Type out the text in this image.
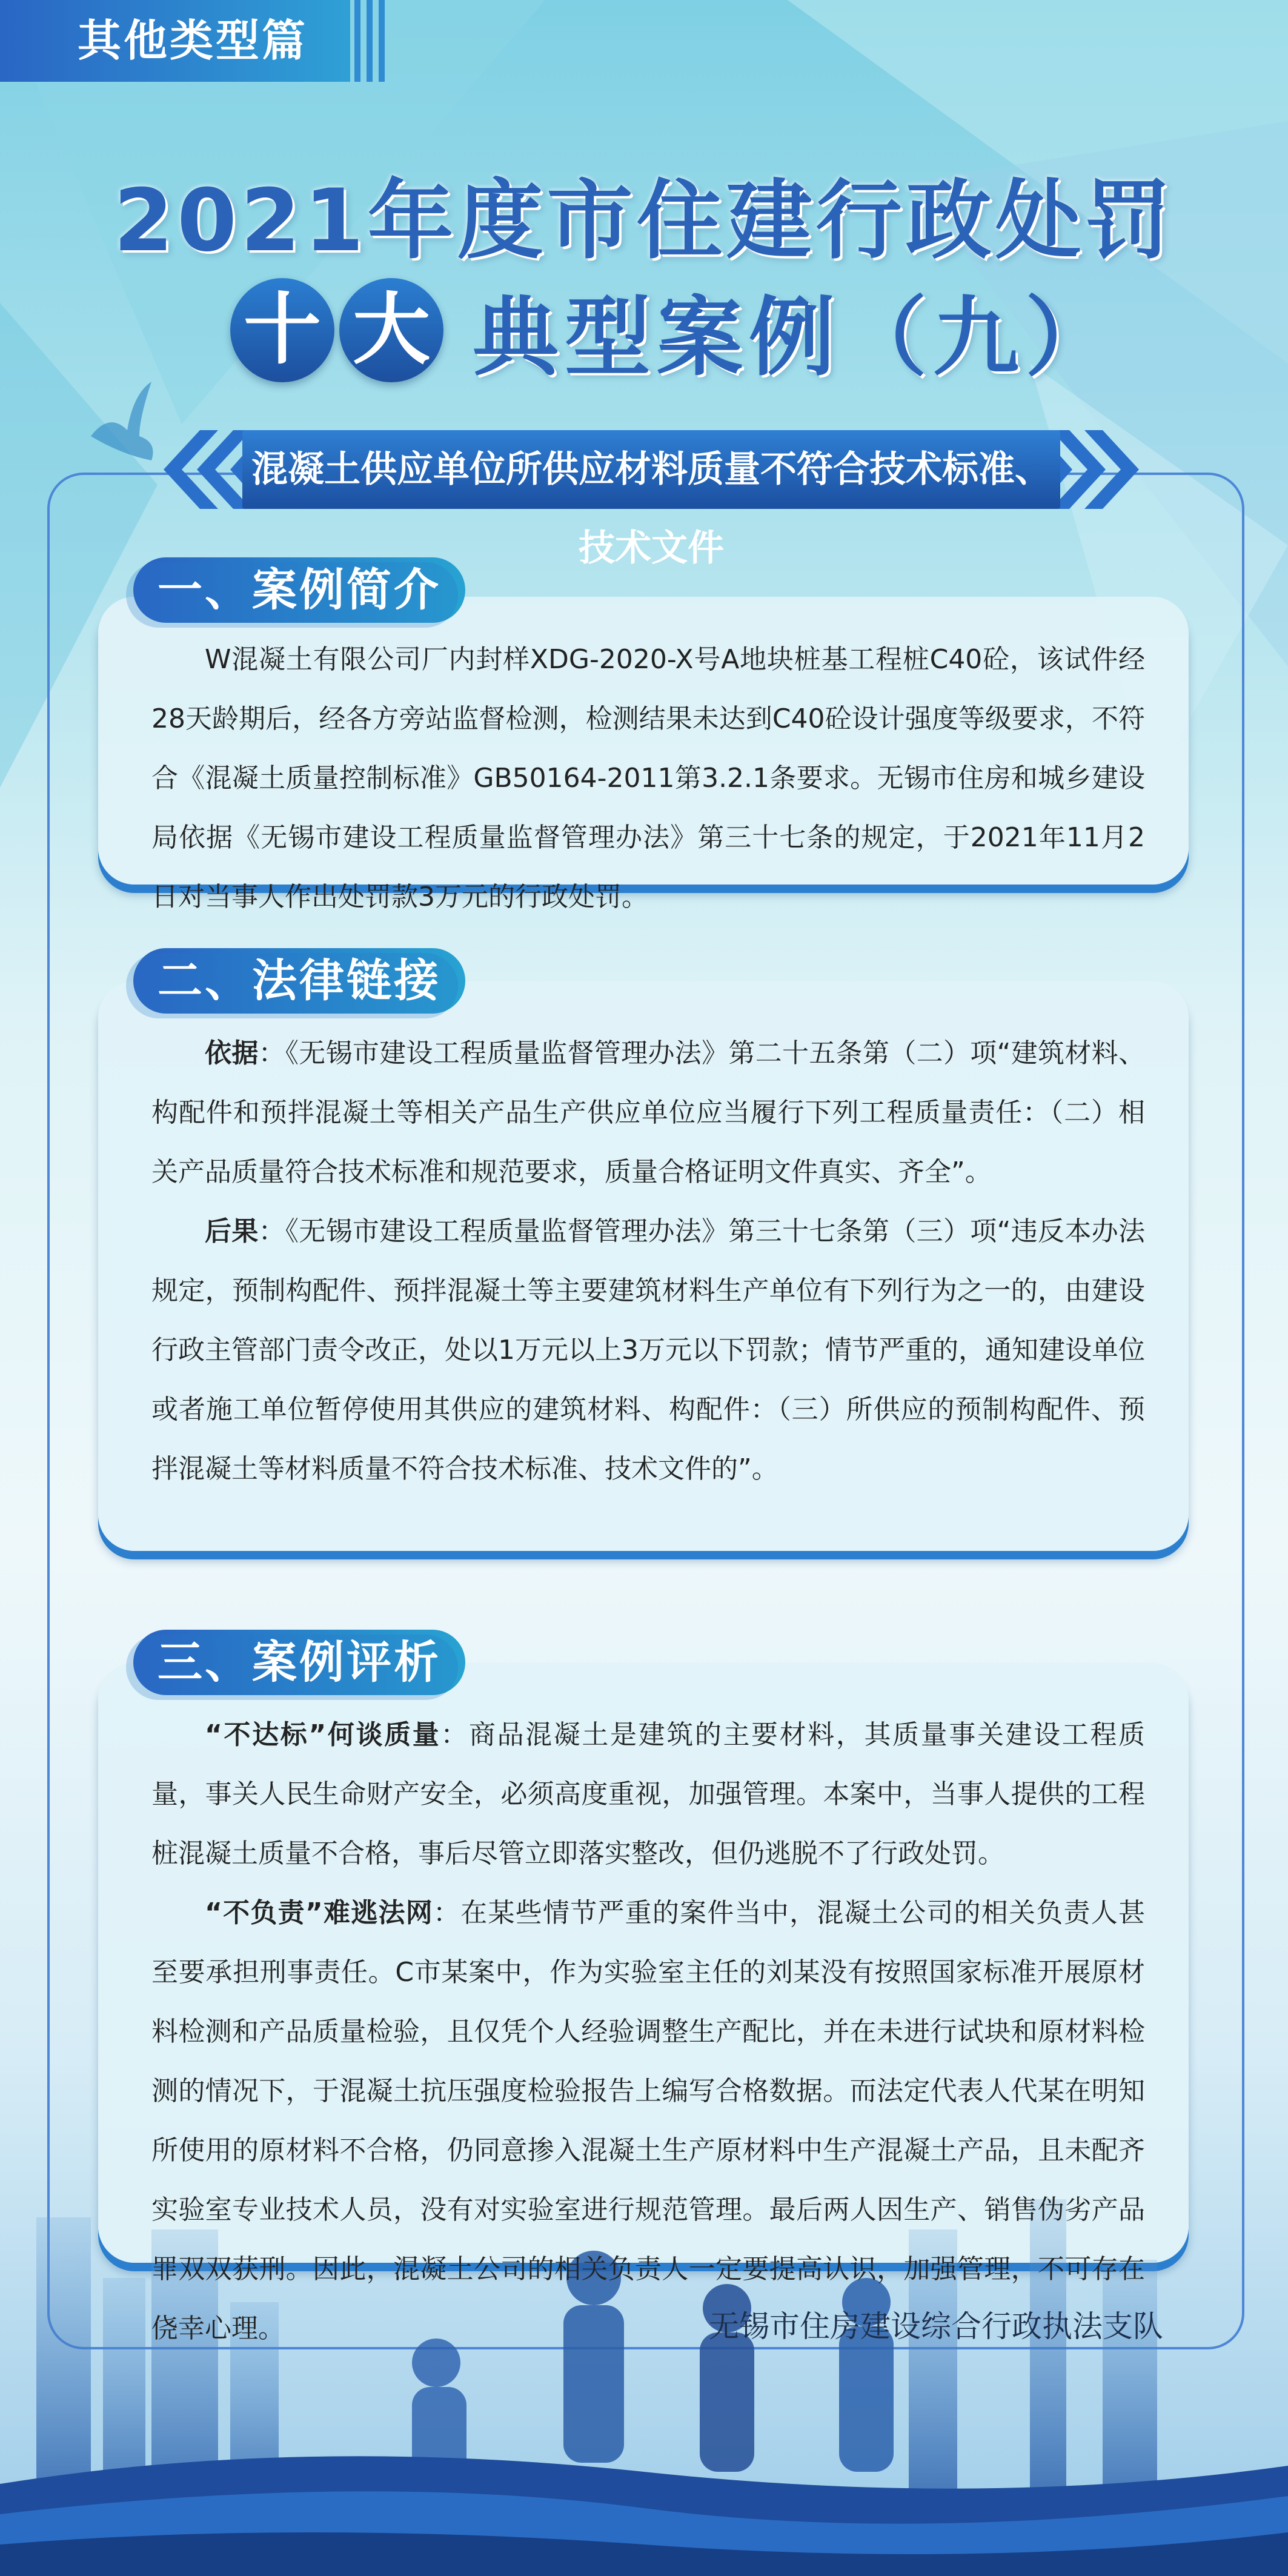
其他类型篇
2021年度市住建行政处罚
十 大 典型案例（九）
混凝土供应单位所供应材料质量不符合技术标准、技术文件
一、案例简介

W混凝土有限公司厂内封样XDG-2020-X号A地块桩基工程桩C40砼，该试件经28天龄期后，经各方旁站监督检测，检测结果未达到C40砼设计强度等级要求，不符合《混凝土质量控制标准》GB50164-2011第3.2.1条要求。无锡市住房和城乡建设局依据《无锡市建设工程质量监督管理办法》第三十七条的规定，于2021年11月2日对当事人作出处罚款3万元的行政处罚。

二、法律链接

依据：《无锡市建设工程质量监督管理办法》第二十五条第（二）项“建筑材料、构配件和预拌混凝土等相关产品生产供应单位应当履行下列工程质量责任：（二）相关产品质量符合技术标准和规范要求，质量合格证明文件真实、齐全”。

后果：《无锡市建设工程质量监督管理办法》第三十七条第（三）项“违反本办法规定，预制构配件、预拌混凝土等主要建筑材料生产单位有下列行为之一的，由建设行政主管部门责令改正，处以1万元以上3万元以下罚款；情节严重的，通知建设单位或者施工单位暂停使用其供应的建筑材料、构配件：（三）所供应的预制构配件、预拌混凝土等材料质量不符合技术标准、技术文件的”。

三、案例评析

“不达标”何谈质量：商品混凝土是建筑的主要材料，其质量事关建设工程质量，事关人民生命财产安全，必须高度重视，加强管理。本案中，当事人提供的工程桩混凝土质量不合格，事后尽管立即落实整改，但仍逃脱不了行政处罚。

“不负责”难逃法网：在某些情节严重的案件当中，混凝土公司的相关负责人甚至要承担刑事责任。C市某案中，作为实验室主任的刘某没有按照国家标准开展原材料检测和产品质量检验，且仅凭个人经验调整生产配比，并在未进行试块和原材料检测的情况下，于混凝土抗压强度检验报告上编写合格数据。而法定代表人代某在明知所使用的原材料不合格，仍同意掺入混凝土生产原材料中生产混凝土产品，且未配齐实验室专业技术人员，没有对实验室进行规范管理。最后两人因生产、销售伪劣产品罪双双获刑。因此，混凝土公司的相关负责人一定要提高认识，加强管理，不可存在侥幸心理。	无锡市住房建设综合行政执法支队
